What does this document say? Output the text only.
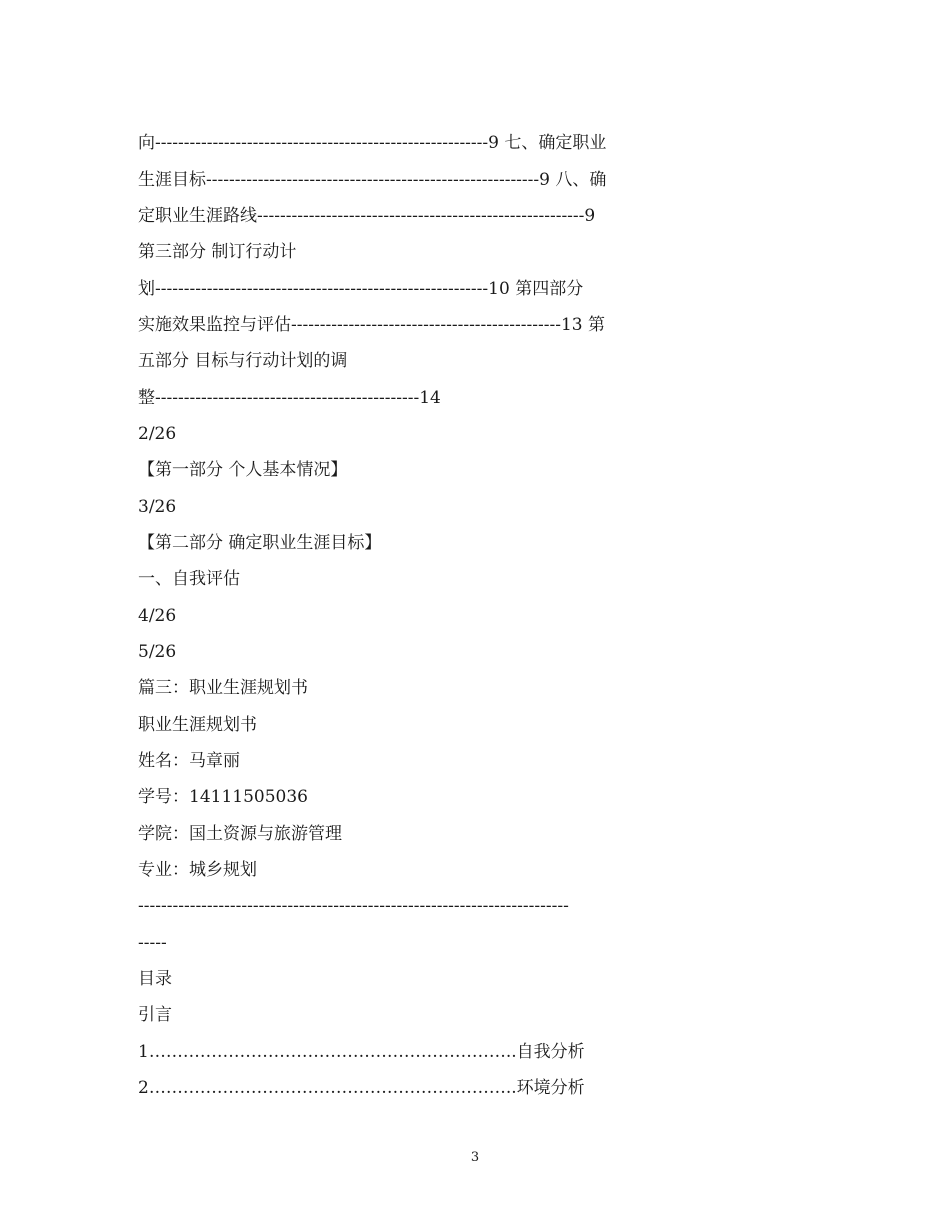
向----------------------------------------------------------9 七、确定职业
生涯目标----------------------------------------------------------9 八、确
定职业生涯路线---------------------------------------------------------9
第三部分 制订行动计
划----------------------------------------------------------10 第四部分
实施效果监控与评估-----------------------------------------------13 第
五部分 目标与行动计划的调
整----------------------------------------------14
2/26
【第一部分 个人基本情况】
3/26
【第二部分 确定职业生涯目标】
一、自我评估
4/26
5/26
篇三：职业生涯规划书
职业生涯规划书
姓名：马章丽
学号：14111505036
学院：国土资源与旅游管理
专业：城乡规划
---------------------------------------------------------------------------
-----
目录
引言
1………………………………………………………..自我分析
2………………………………………………………..环境分析
3
